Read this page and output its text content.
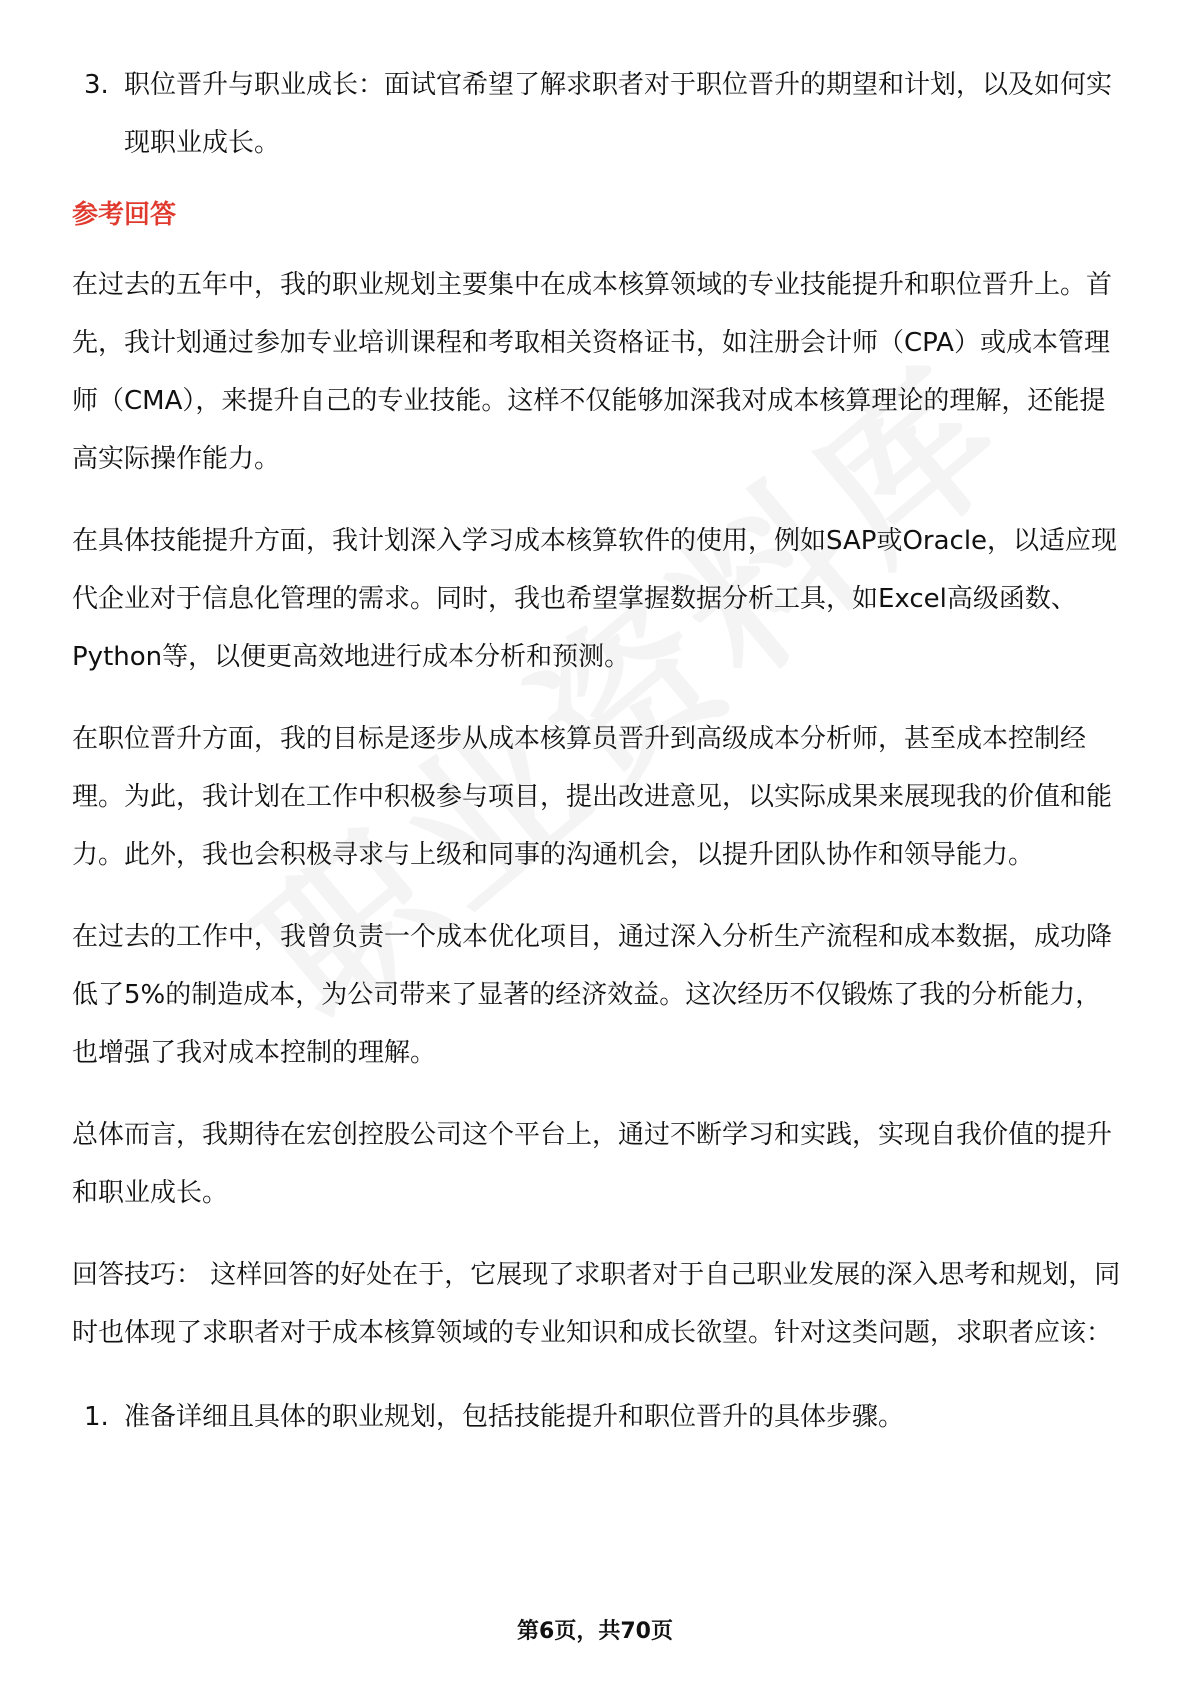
3. 职位晋升与职业成长：面试官希望了解求职者对于职位晋升的期望和计划，以及如何实现职业成长。
参考回答

在过去的五年中，我的职业规划主要集中在成本核算领域的专业技能提升和职位晋升上。首先，我计划通过参加专业培训课程和考取相关资格证书，如注册会计师（CPA）或成本管理师（CMA），来提升自己的专业技能。这样不仅能够加深我对成本核算理论的理解，还能提高实际操作能力。

在具体技能提升方面，我计划深入学习成本核算软件的使用，例如SAP或Oracle，以适应现代企业对于信息化管理的需求。同时，我也希望掌握数据分析工具，如Excel高级函数、Python等，以便更高效地进行成本分析和预测。

在职位晋升方面，我的目标是逐步从成本核算员晋升到高级成本分析师，甚至成本控制经理。为此，我计划在工作中积极参与项目，提出改进意见，以实际成果来展现我的价值和能力。此外，我也会积极寻求与上级和同事的沟通机会，以提升团队协作和领导能力。

在过去的工作中，我曾负责一个成本优化项目，通过深入分析生产流程和成本数据，成功降低了5%的制造成本，为公司带来了显著的经济效益。这次经历不仅锻炼了我的分析能力，也增强了我对成本控制的理解。

总体而言，我期待在宏创控股公司这个平台上，通过不断学习和实践，实现自我价值的提升和职业成长。

回答技巧： 这样回答的好处在于，它展现了求职者对于自己职业发展的深入思考和规划，同时也体现了求职者对于成本核算领域的专业知识和成长欲望。针对这类问题，求职者应该：

1. 准备详细且具体的职业规划，包括技能提升和职位晋升的具体步骤。
第6页，共70页
